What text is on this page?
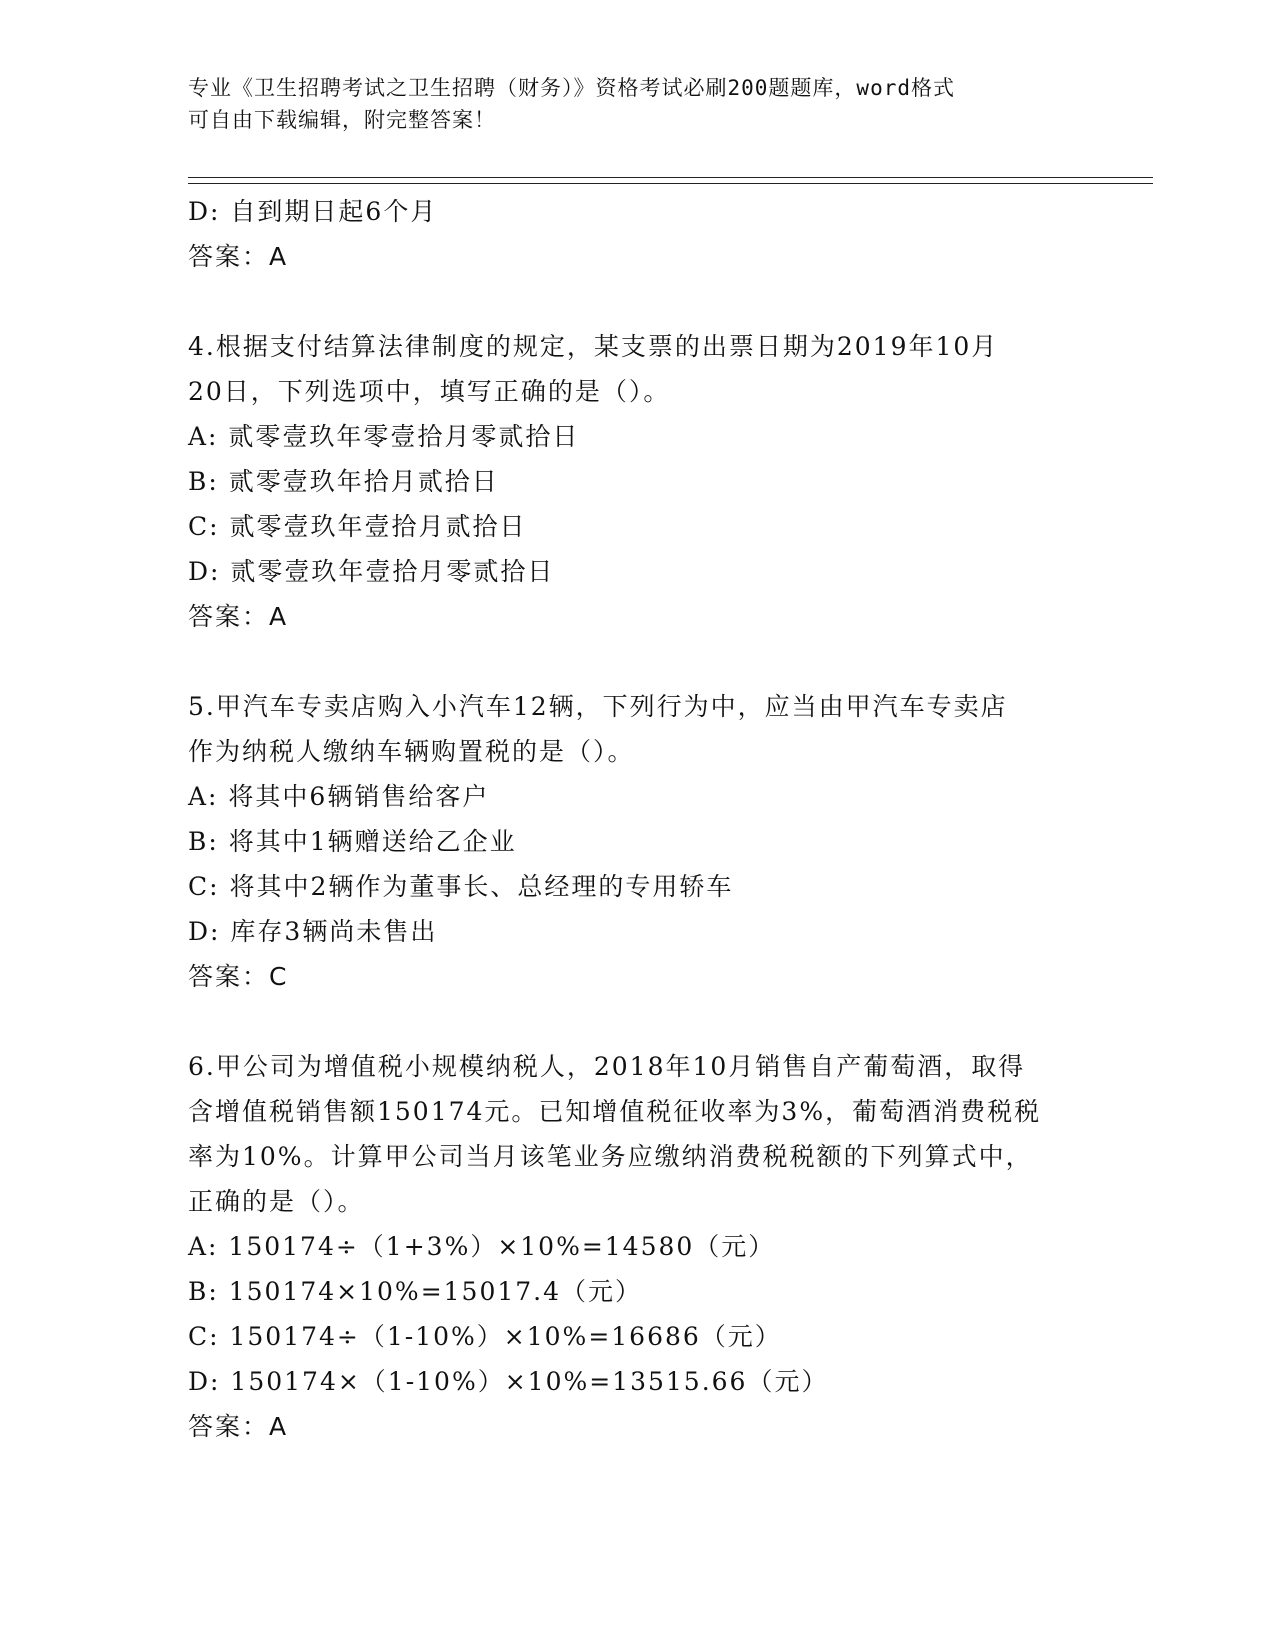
专业《卫生招聘考试之卫生招聘（财务）》资格考试必刷200题题库，word格式
可自由下载编辑，附完整答案！
D: 自到期日起6个月
答案：A
4.根据支付结算法律制度的规定，某支票的出票日期为2019年10月
20日，下列选项中，填写正确的是（）。
A: 贰零壹玖年零壹拾月零贰拾日
B: 贰零壹玖年拾月贰拾日
C: 贰零壹玖年壹拾月贰拾日
D: 贰零壹玖年壹拾月零贰拾日
答案：A
5.甲汽车专卖店购入小汽车12辆，下列行为中，应当由甲汽车专卖店
作为纳税人缴纳车辆购置税的是（）。
A: 将其中6辆销售给客户
B: 将其中1辆赠送给乙企业
C: 将其中2辆作为董事长、总经理的专用轿车
D: 库存3辆尚未售出
答案：C
6.甲公司为增值税小规模纳税人，2018年10月销售自产葡萄酒，取得
含增值税销售额150174元。已知增值税征收率为3%，葡萄酒消费税税
率为10%。计算甲公司当月该笔业务应缴纳消费税税额的下列算式中，
正确的是（）。
A: 150174÷（1+3%）×10%=14580（元）
B: 150174×10%=15017.4（元）
C: 150174÷（1-10%）×10%=16686（元）
D: 150174×（1-10%）×10%=13515.66（元）
答案：A
